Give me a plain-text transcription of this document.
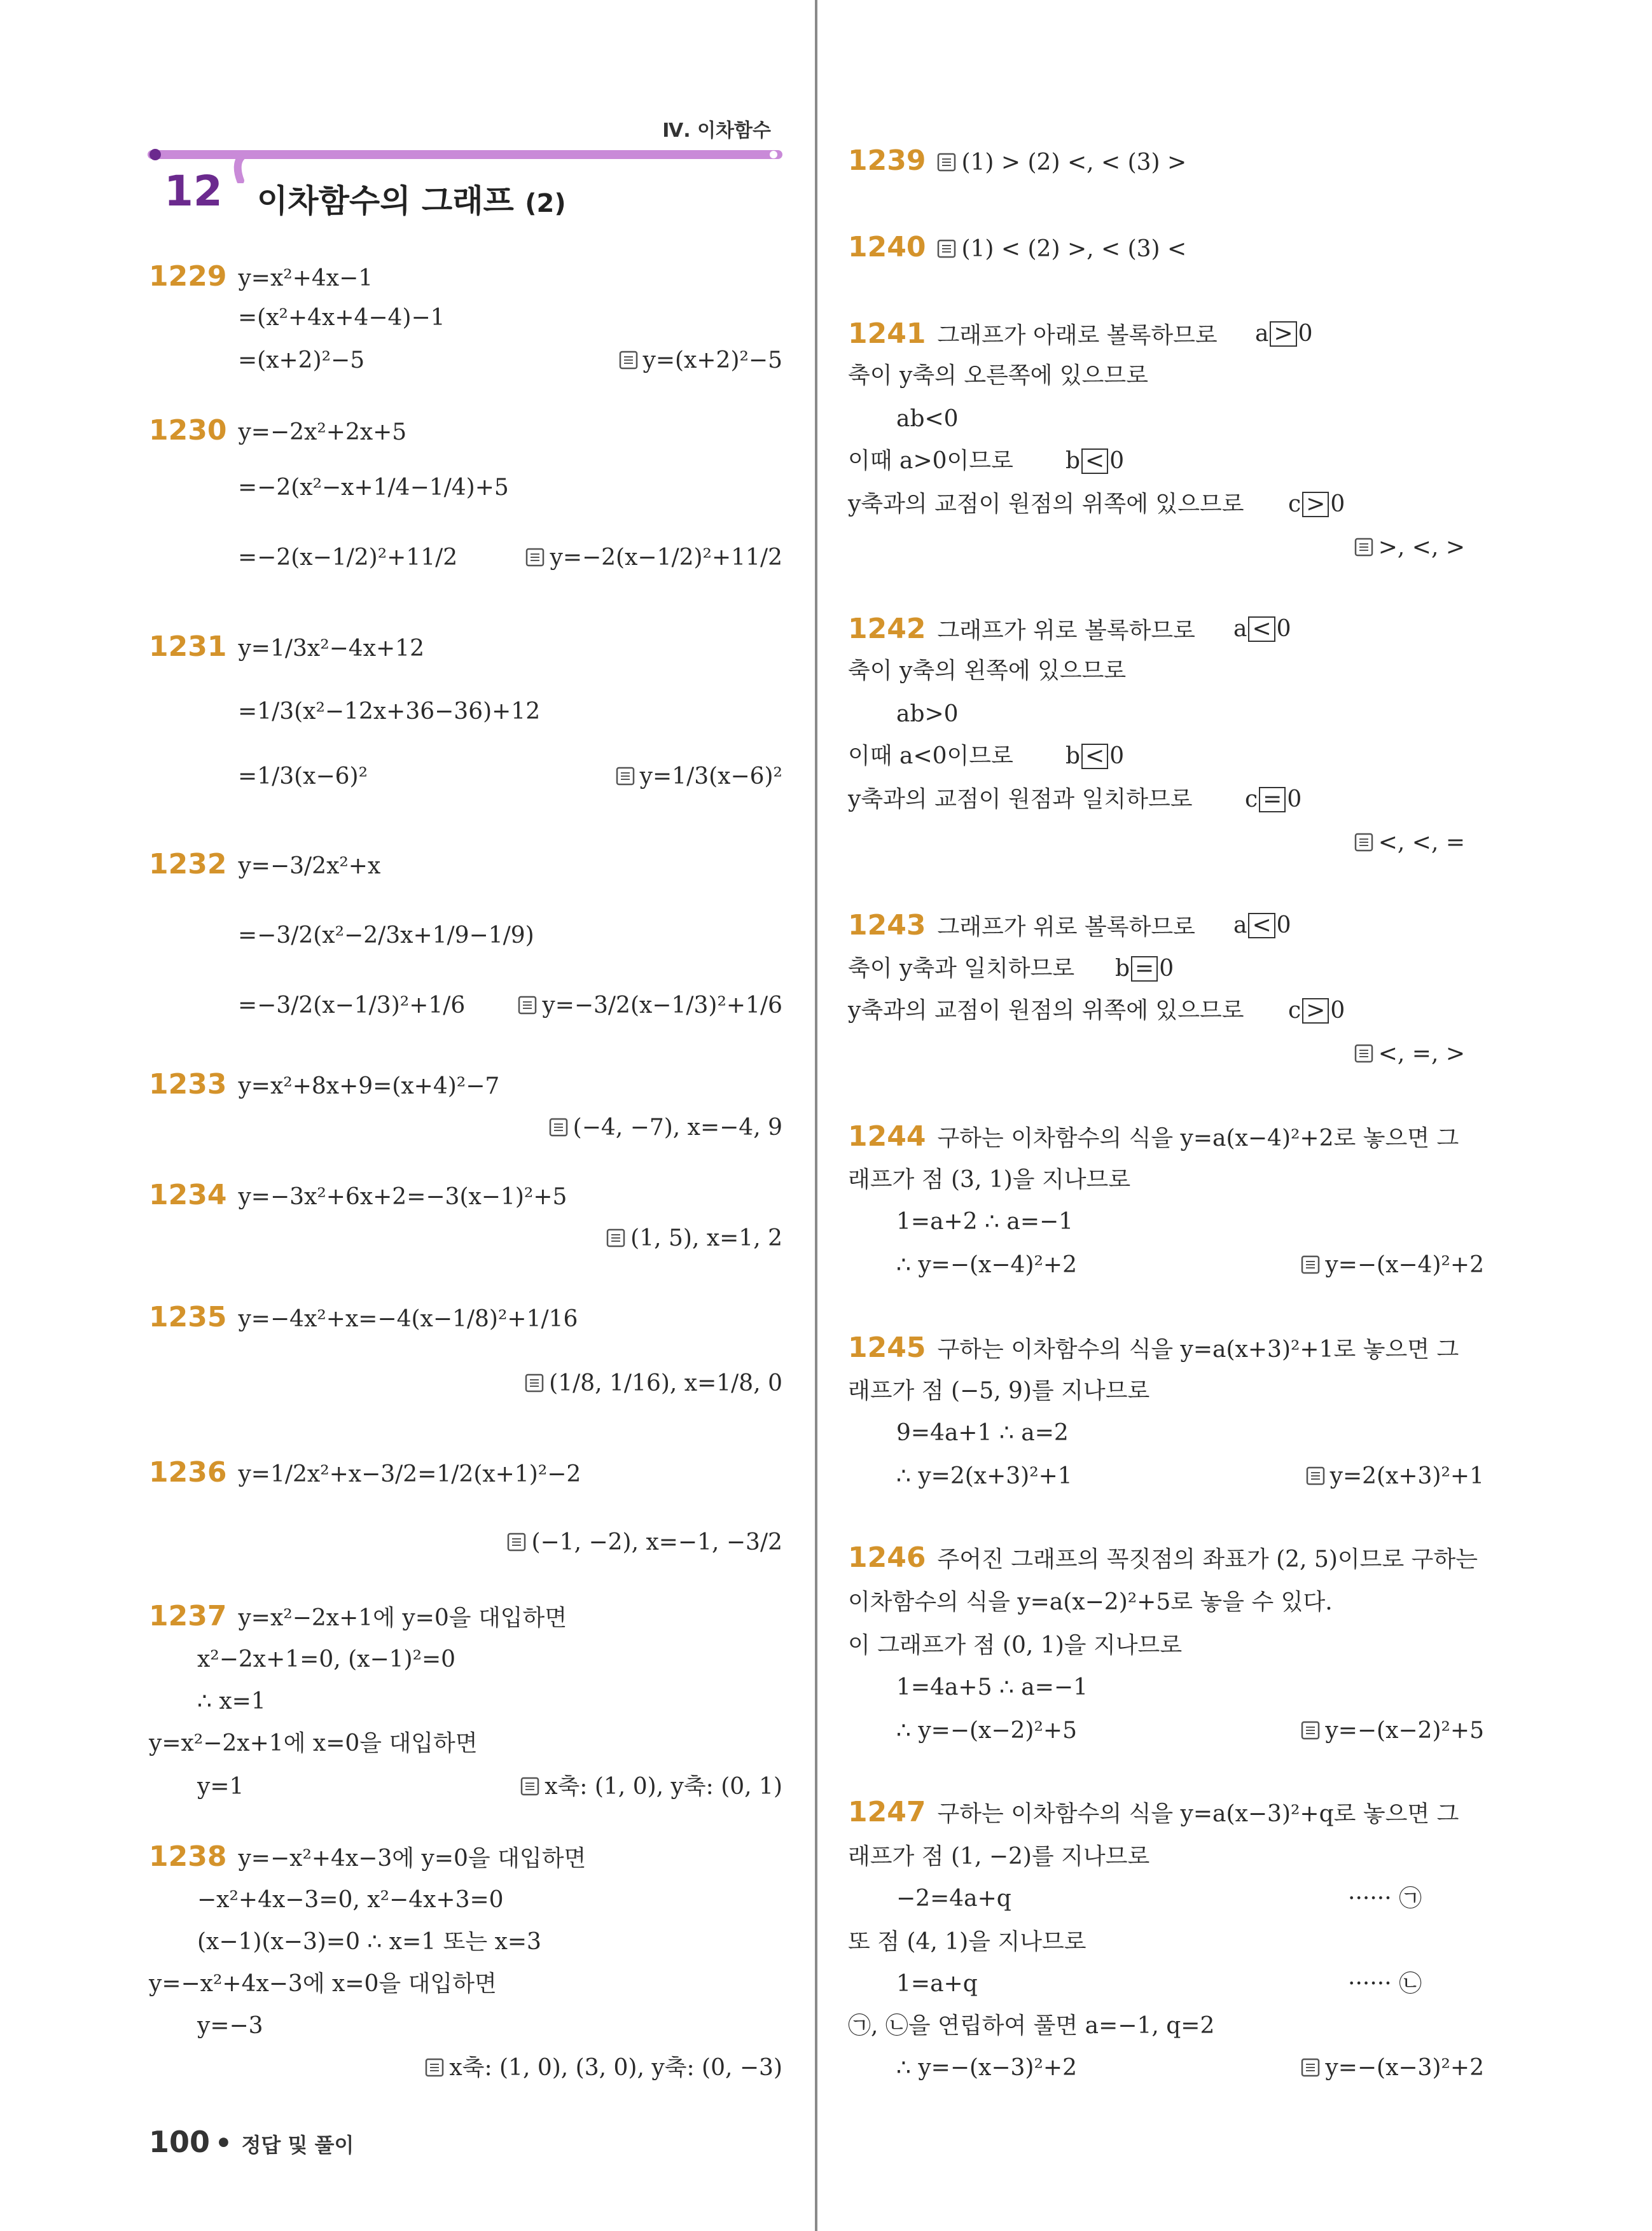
Ⅳ. 이차함수
12 이차함수의 그래프 (2)
1229 y=x²+4x−1
=(x²+4x+4−4)−1
=(x+2)²−5	y=(x+2)²−5
1230 y=−2x²+2x+5
=−2(x²−x+1/4−1/4)+5
=−2(x−1/2)²+11/2	y=−2(x−1/2)²+11/2
1231 y=1/3x²−4x+12
=1/3(x²−12x+36−36)+12
=1/3(x−6)²	y=1/3(x−6)²
1232 y=−3/2x²+x
=−3/2(x²−2/3x+1/9−1/9)
=−3/2(x−1/3)²+1/6	y=−3/2(x−1/3)²+1/6
1233 y=x²+8x+9=(x+4)²−7
(−4, −7), x=−4, 9
1234 y=−3x²+6x+2=−3(x−1)²+5
(1, 5), x=1, 2
1235 y=−4x²+x=−4(x−1/8)²+1/16
(1/8, 1/16), x=1/8, 0
1236 y=1/2x²+x−3/2=1/2(x+1)²−2
(−1, −2), x=−1, −3/2
1237 y=x²−2x+1에 y=0을 대입하면
x²−2x+1=0, (x−1)²=0
∴ x=1
y=x²−2x+1에 x=0을 대입하면
y=1	x축: (1, 0), y축: (0, 1)
1238 y=−x²+4x−3에 y=0을 대입하면
−x²+4x−3=0, x²−4x+3=0
(x−1)(x−3)=0 ∴ x=1 또는 x=3
y=−x²+4x−3에 x=0을 대입하면
y=−3
x축: (1, 0), (3, 0), y축: (0, −3)
1239 (1) > (2) <, < (3) >
1240 (1) < (2) >, < (3) <
1241 그래프가 아래로 볼록하므로 a > 0
축이 y축의 오른쪽에 있으므로
ab<0
이때 a>0이므로 b < 0
y축과의 교점이 원점의 위쪽에 있으므로 c > 0
>, <, >
1242 그래프가 위로 볼록하므로 a < 0
축이 y축의 왼쪽에 있으므로
ab>0
이때 a<0이므로 b < 0
y축과의 교점이 원점과 일치하므로 c = 0
<, <, =
1243 그래프가 위로 볼록하므로 a < 0
축이 y축과 일치하므로 b = 0
y축과의 교점이 원점의 위쪽에 있으므로 c > 0
<, =, >
1244 구하는 이차함수의 식을 y=a(x−4)²+2로 놓으면 그
래프가 점 (3, 1)을 지나므로
1=a+2 ∴ a=−1
∴ y=−(x−4)²+2	y=−(x−4)²+2
1245 구하는 이차함수의 식을 y=a(x+3)²+1로 놓으면 그
래프가 점 (−5, 9)를 지나므로
9=4a+1 ∴ a=2
∴ y=2(x+3)²+1	y=2(x+3)²+1
1246 주어진 그래프의 꼭짓점의 좌표가 (2, 5)이므로 구하는
이차함수의 식을 y=a(x−2)²+5로 놓을 수 있다.
이 그래프가 점 (0, 1)을 지나므로
1=4a+5 ∴ a=−1
∴ y=−(x−2)²+5	y=−(x−2)²+5
1247 구하는 이차함수의 식을 y=a(x−3)²+q로 놓으면 그
래프가 점 (1, −2)를 지나므로
−2=4a+q	······ ㉠
또 점 (4, 1)을 지나므로
1=a+q	······ ㉡
㉠, ㉡을 연립하여 풀면 a=−1, q=2
∴ y=−(x−3)²+2	y=−(x−3)²+2
100 • 정답 및 풀이
